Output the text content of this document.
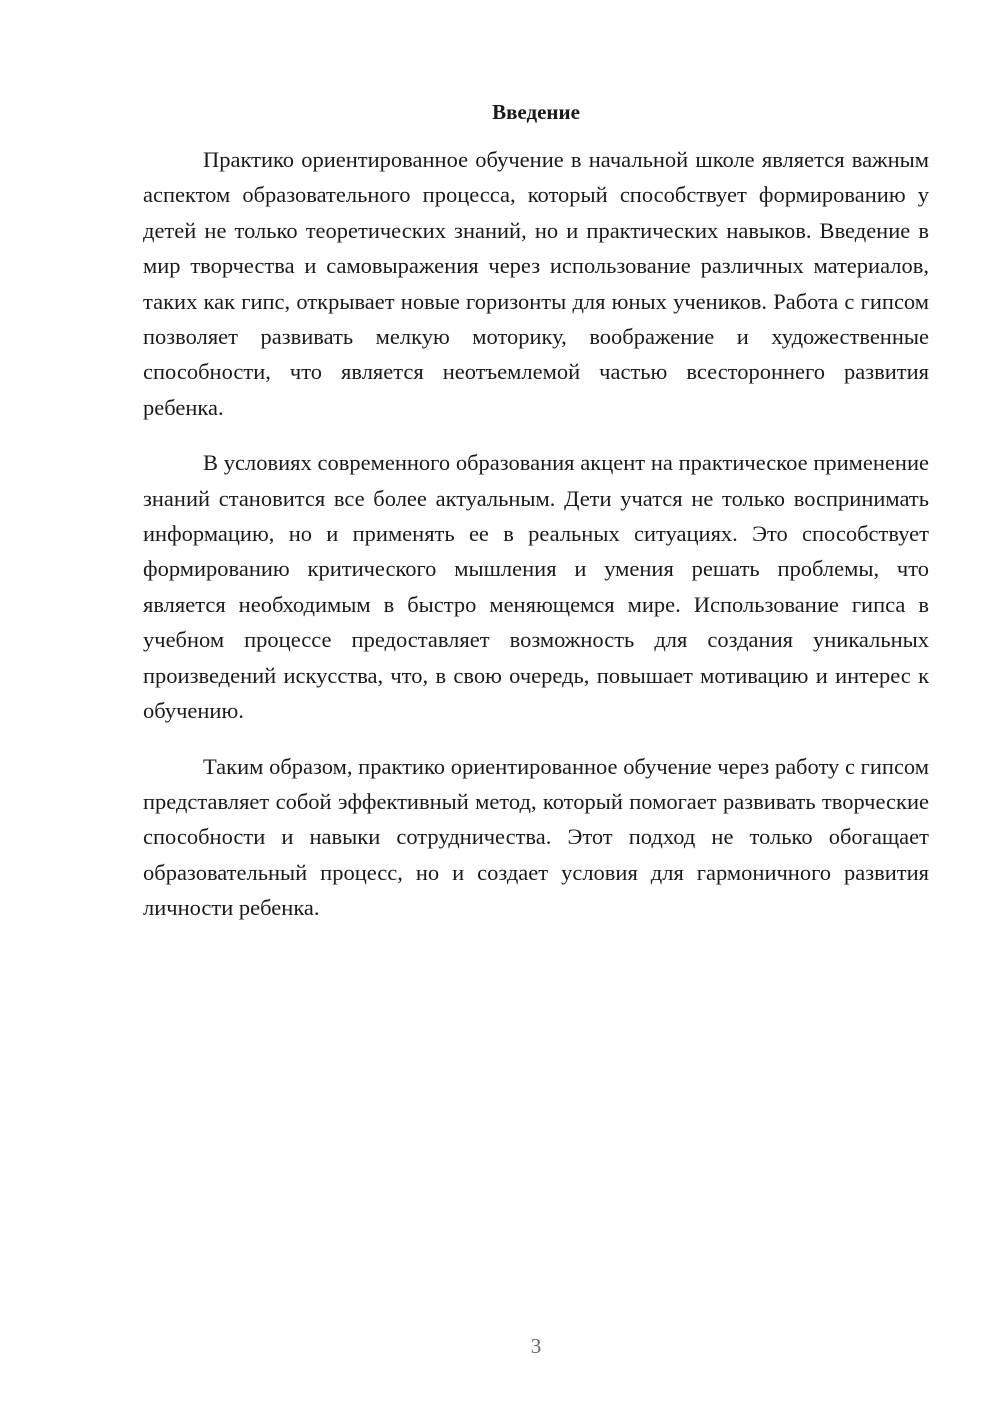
Введение

Практико ориентированное обучение в начальной школе является важным аспектом образовательного процесса, который способствует формированию у детей не только теоретических знаний, но и практических навыков. Введение в мир творчества и самовыражения через использование различных материалов, таких как гипс, открывает новые горизонты для юных учеников. Работа с гипсом позволяет развивать мелкую моторику, воображение и художественные способности, что является неотъемлемой частью всестороннего развития ребенка.

В условиях современного образования акцент на практическое применение знаний становится все более актуальным. Дети учатся не только воспринимать информацию, но и применять ее в реальных ситуациях. Это способствует формированию критического мышления и умения решать проблемы, что является необходимым в быстро меняющемся мире. Использование гипса в учебном процессе предоставляет возможность для создания уникальных произведений искусства, что, в свою очередь, повышает мотивацию и интерес к обучению.

Таким образом, практико ориентированное обучение через работу с гипсом представляет собой эффективный метод, который помогает развивать творческие способности и навыки сотрудничества. Этот подход не только обогащает образовательный процесс, но и создает условия для гармоничного развития личности ребенка.

3
